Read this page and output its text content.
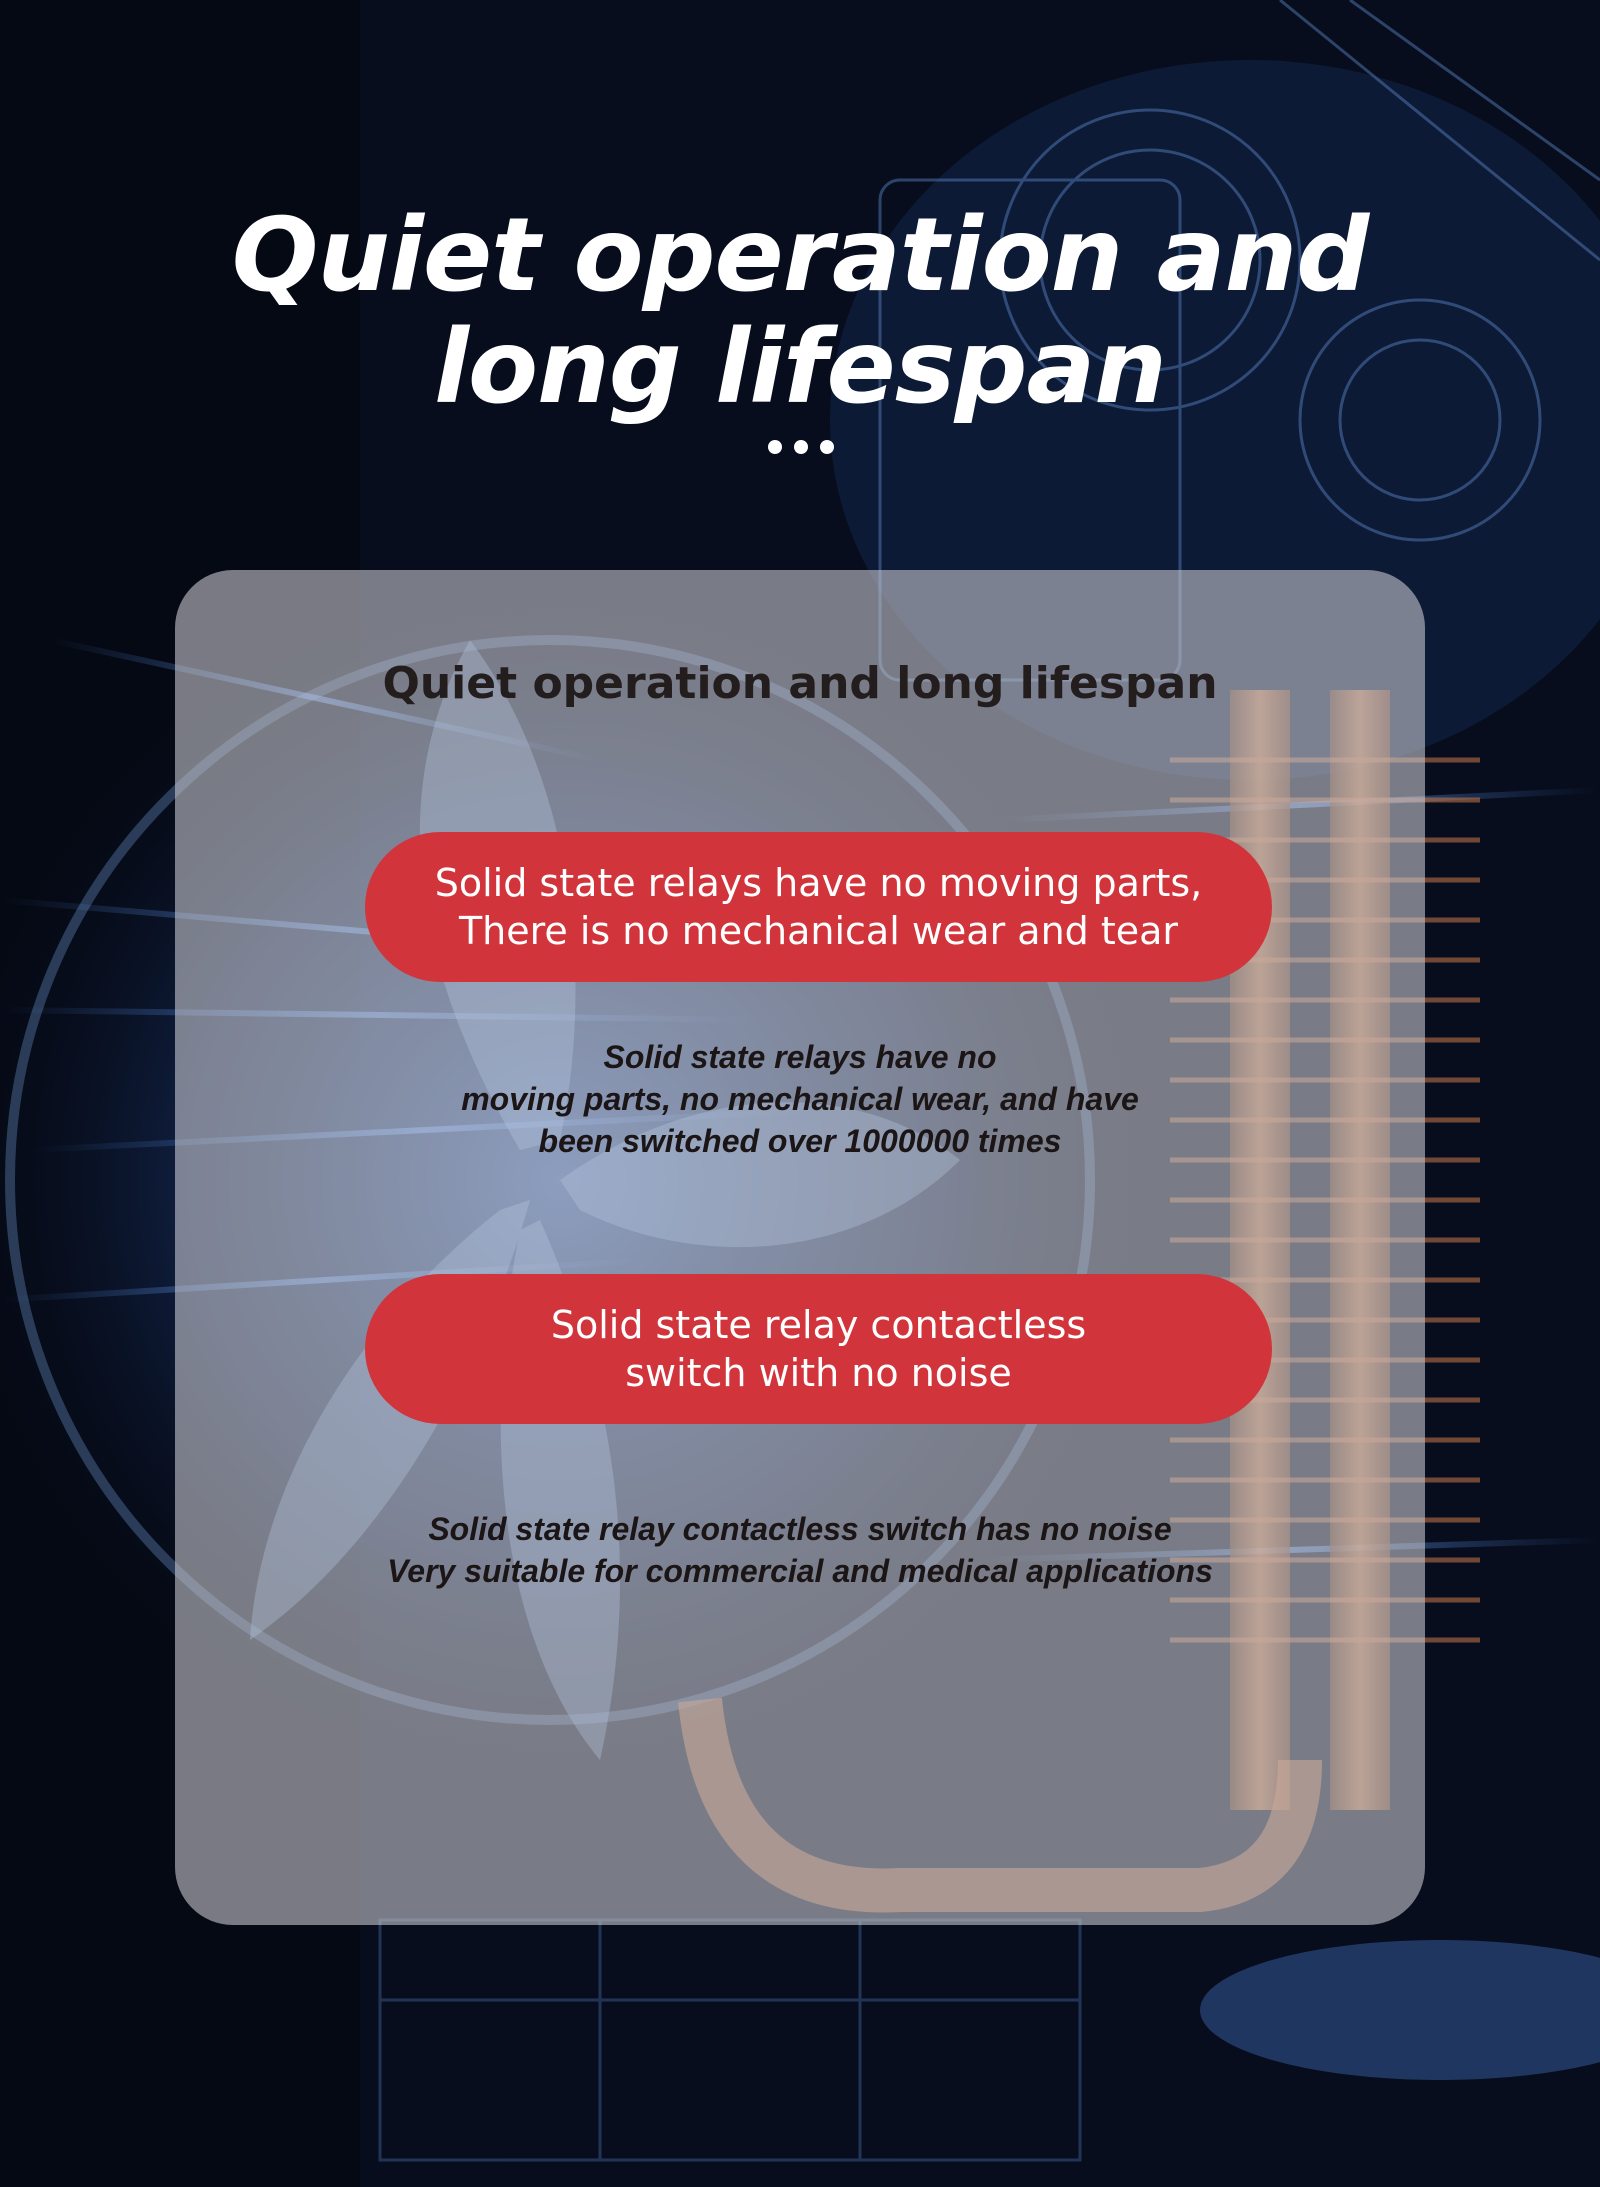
Quiet operation and
long lifespan
Quiet operation and long lifespan
Solid state relays have no moving parts,
There is no mechanical wear and tear
Solid state relays have no
moving parts, no mechanical wear, and have
been switched over 1000000 times
Solid state relay contactless
switch with no noise
Solid state relay contactless switch has no noise
Very suitable for commercial and medical applications
